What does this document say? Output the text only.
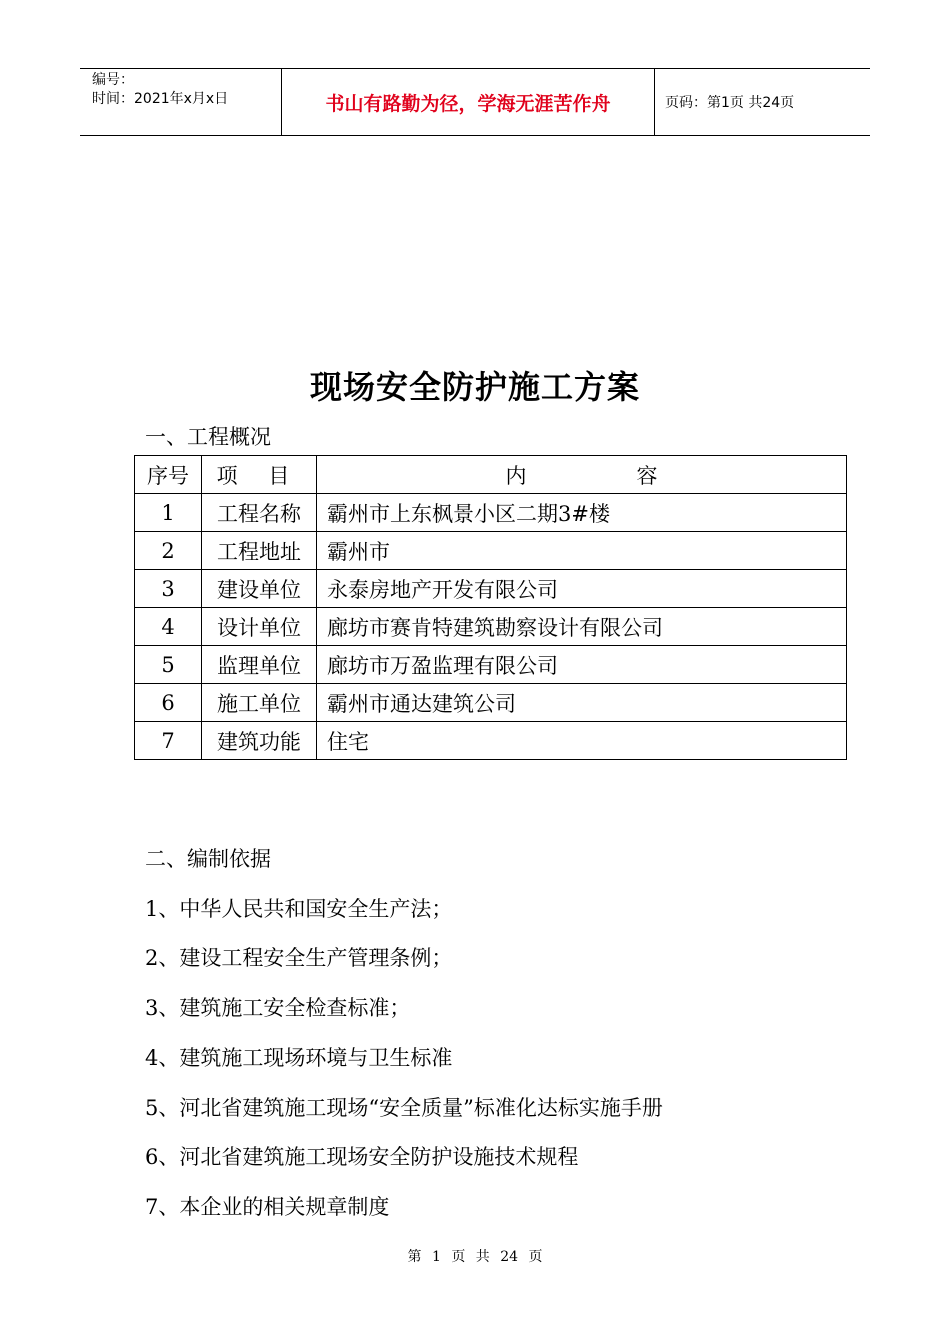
编号：
时间：2021年x月x日	书山有路勤为径，学海无涯苦作舟	页码：第1页 共24页
现场安全防护施工方案
一、工程概况
序号	项 目	内容
1	工程名称	霸州市上东枫景小区二期3#楼
2	工程地址	霸州市
3	建设单位	永泰房地产开发有限公司
4	设计单位	廊坊市赛肯特建筑勘察设计有限公司
5	监理单位	廊坊市万盈监理有限公司
6	施工单位	霸州市通达建筑公司
7	建筑功能	住宅
二、编制依据
1、中华人民共和国安全生产法；
2、建设工程安全生产管理条例；
3、建筑施工安全检查标准；
4、建筑施工现场环境与卫生标准
5、河北省建筑施工现场“安全质量”标准化达标实施手册
6、河北省建筑施工现场安全防护设施技术规程
7、本企业的相关规章制度
第 1 页 共 24 页
